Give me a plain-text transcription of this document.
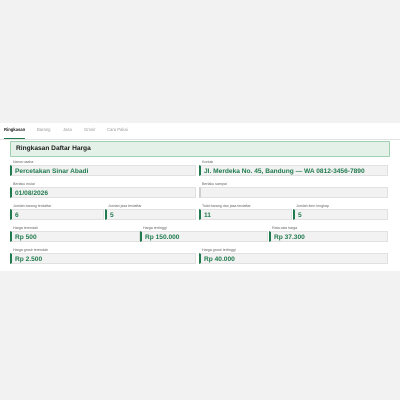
Ringkasan	Barang	Jasa	Grosir	Cara Pakai
Ringkasan Daftar Harga
Nama usaha
Percetakan Sinar Abadi
Kontak
Jl. Merdeka No. 45, Bandung — WA 0812-3456-7890
Berlaku mulai
01/08/2026
Berlaku sampai
Jumlah barang terdaftar
6
Jumlah jasa terdaftar
5
Total barang dan jasa terdaftar
11
Jumlah item lengkap
5
Harga terendah
Rp 500
Harga tertinggi
Rp 150.000
Rata-rata harga
Rp 37.300
Harga grosir terendah
Rp 2.500
Harga grosir tertinggi
Rp 40.000
